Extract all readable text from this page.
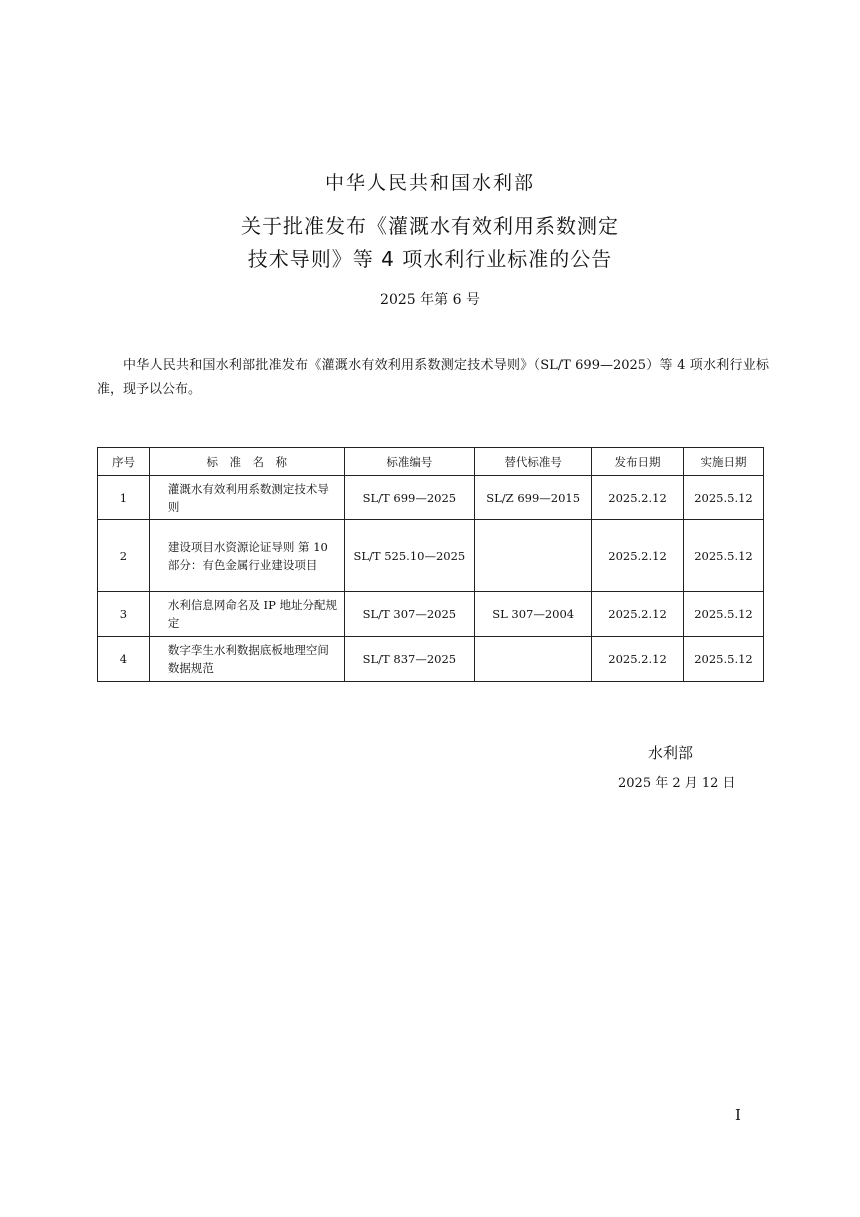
中华人民共和国水利部
关于批准发布《灌溉水有效利用系数测定
技术导则》等 4 项水利行业标准的公告
2025 年第 6 号
中华人民共和国水利部批准发布《灌溉水有效利用系数测定技术导则》（SL/T 699—2025）等 4 项水利行业标准，现予以公布。
序号	标　准　名　称	标准编号	替代标准号	发布日期	实施日期
1	灌溉水有效利用系数测定技术导则	SL/T 699—2025	SL/Z 699—2015	2025.2.12	2025.5.12
2	建设项目水资源论证导则 第 10 部分：有色金属行业建设项目	SL/T 525.10—2025		2025.2.12	2025.5.12
3	水利信息网命名及 IP 地址分配规定	SL/T 307—2025	SL 307—2004	2025.2.12	2025.5.12
4	数字孪生水利数据底板地理空间数据规范	SL/T 837—2025		2025.2.12	2025.5.12
水利部
2025 年 2 月 12 日
I
